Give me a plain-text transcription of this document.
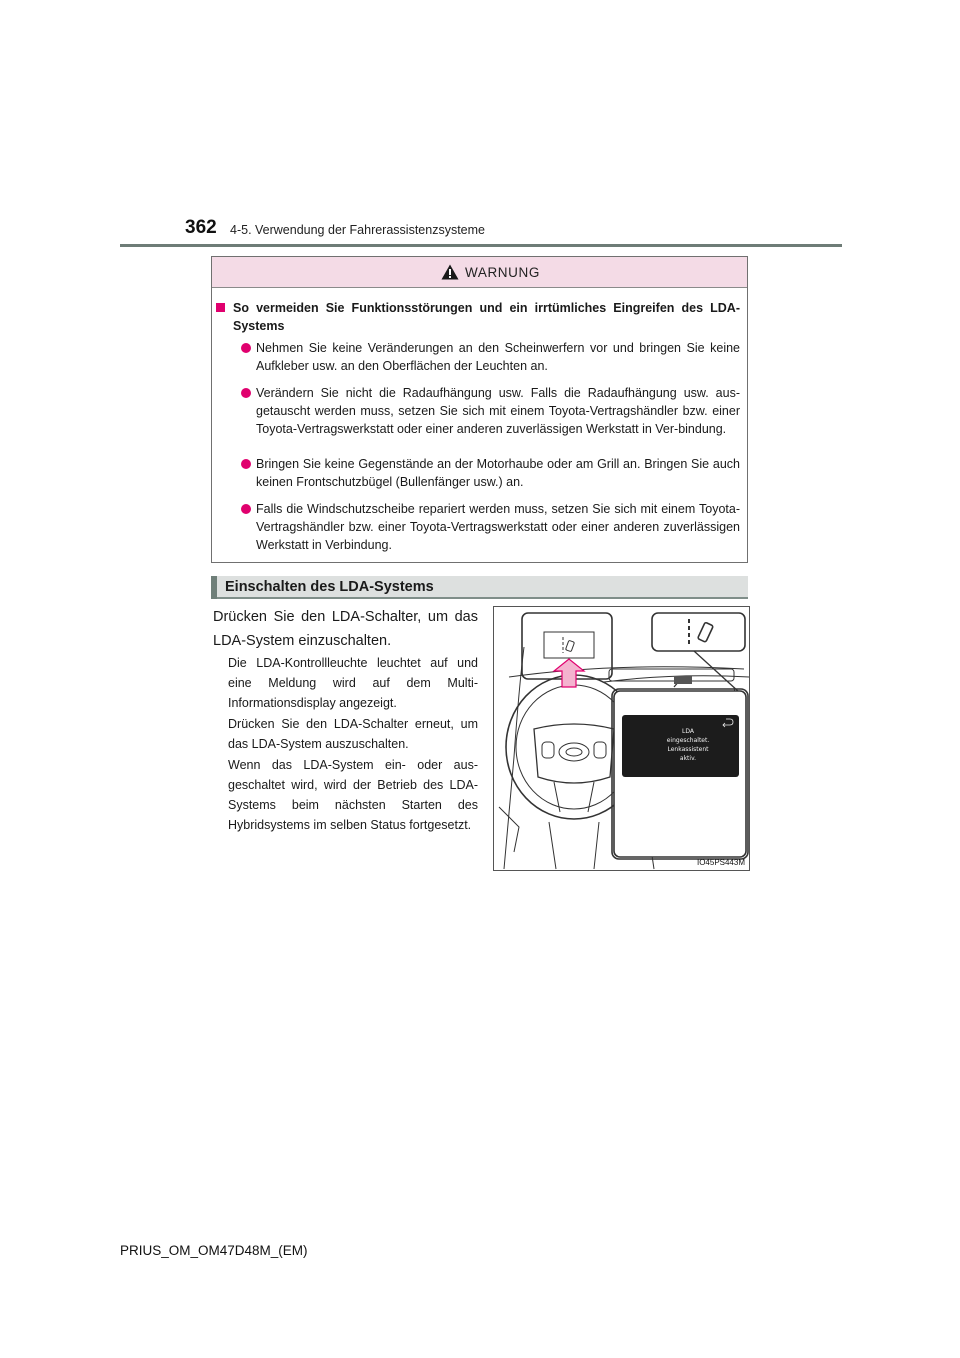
362 4-5. Verwendung der Fahrerassistenzsysteme
WARNUNG
So vermeiden Sie Funktionsstörungen und ein irrtümliches Eingreifen des LDA-Systems
Nehmen Sie keine Veränderungen an den Scheinwerfern vor und bringen Sie keine Aufkleber usw. an den Oberflächen der Leuchten an.
Verändern Sie nicht die Radaufhängung usw. Falls die Radaufhängung usw. aus-getauscht werden muss, setzen Sie sich mit einem Toyota-Vertragshändler bzw. einer Toyota-Vertragswerkstatt oder einer anderen zuverlässigen Werkstatt in Ver-bindung.
Bringen Sie keine Gegenstände an der Motorhaube oder am Grill an. Bringen Sie auch keinen Frontschutzbügel (Bullenfänger usw.) an.
Falls die Windschutzscheibe repariert werden muss, setzen Sie sich mit einem Toyota-Vertragshändler bzw. einer Toyota-Vertragswerkstatt oder einer anderen zuverlässigen Werkstatt in Verbindung.
Einschalten des LDA-Systems
Drücken Sie den LDA-Schalter, um das LDA-System einzuschalten.
Die LDA-Kontrollleuchte leuchtet auf und eine Meldung wird auf dem Multi-Informationsdisplay angezeigt.
Drücken Sie den LDA-Schalter erneut, um das LDA-System auszuschalten.
Wenn das LDA-System ein- oder aus-geschaltet wird, wird der Betrieb des LDA-Systems beim nächsten Starten des Hybridsystems im selben Status fortgesetzt.
LDA
eingeschaltet.
Lenkassistent
aktiv.
IO45PS443M
PRIUS_OM_OM47D48M_(EM)
